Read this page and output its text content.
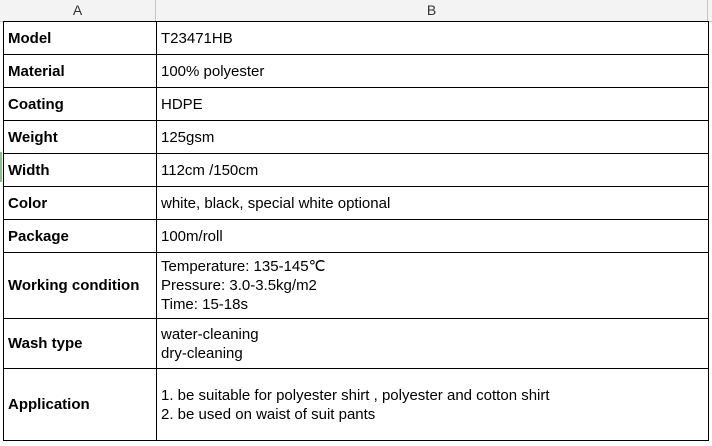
A	B
Model	T23471HB

Material	100% polyester

Coating	HDPE

Weight	125gsm

Width	112cm /150cm

Color	white, black, special white optional

Package	100m/roll

Working condition	Temperature: 135-145℃
Pressure: 3.0-3.5kg/m2
Time: 15-18s

Wash type	water-cleaning
dry-cleaning

Application	1. be suitable for polyester shirt , polyester and cotton shirt
2. be used on waist of suit pants
